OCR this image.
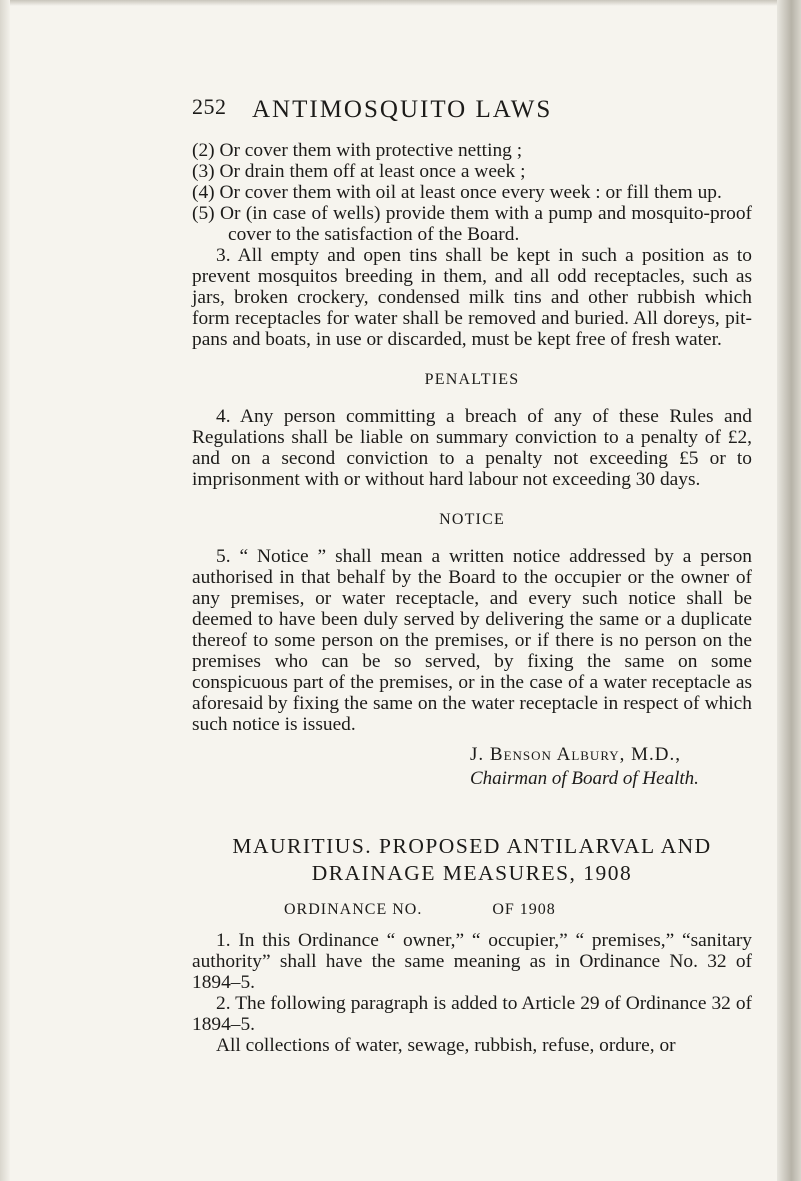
252 ANTIMOSQUITO LAWS

(2) Or cover them with protective netting ;

(3) Or drain them off at least once a week ;

(4) Or cover them with oil at least once every week : or fill them up.

(5) Or (in case of wells) provide them with a pump and mosquito-proof cover to the satisfaction of the Board.

3. All empty and open tins shall be kept in such a position as to prevent mosquitos breeding in them, and all odd receptacles, such as jars, broken crockery, condensed milk tins and other rubbish which form receptacles for water shall be removed and buried. All doreys, pit-pans and boats, in use or discarded, must be kept free of fresh water.

PENALTIES

4. Any person committing a breach of any of these Rules and Regulations shall be liable on summary conviction to a penalty of £2, and on a second conviction to a penalty not exceeding £5 or to imprisonment with or without hard labour not exceeding 30 days.

NOTICE

5. “ Notice ” shall mean a written notice addressed by a person authorised in that behalf by the Board to the occupier or the owner of any premises, or water receptacle, and every such notice shall be deemed to have been duly served by delivering the same or a duplicate thereof to some person on the premises, or if there is no person on the premises who can be so served, by fixing the same on some conspicuous part of the premises, or in the case of a water receptacle as aforesaid by fixing the same on the water receptacle in respect of which such notice is issued.

J. Benson Albury, M.D.,
Chairman of Board of Health.
MAURITIUS. PROPOSED ANTILARVAL AND
DRAINAGE MEASURES, 1908
ORDINANCE NO.	OF 1908

1. In this Ordinance “ owner,” “ occupier,” “ premises,” “sanitary authority” shall have the same meaning as in Ordinance No. 32 of 1894–5.

2. The following paragraph is added to Article 29 of Ordinance 32 of 1894–5.

All collections of water, sewage, rubbish, refuse, ordure, or
